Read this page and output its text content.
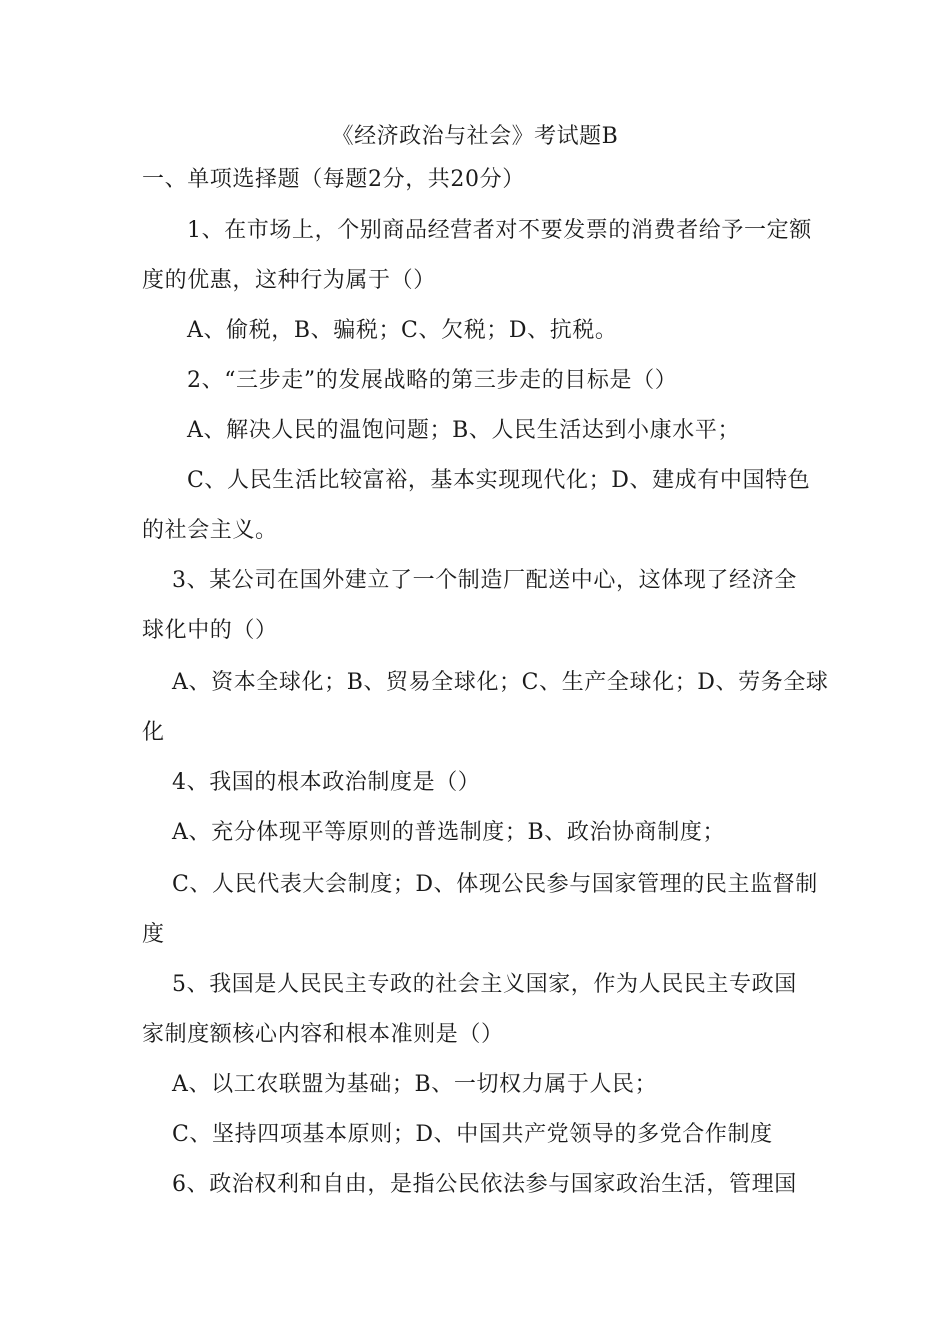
《经济政治与社会》考试题B
一、单项选择题（每题2分，共20分）
1、在市场上，个别商品经营者对不要发票的消费者给予一定额
度的优惠，这种行为属于（）
A、偷税，B、骗税；C、欠税；D、抗税。
2、“三步走”的发展战略的第三步走的目标是（）
A、解决人民的温饱问题；B、人民生活达到小康水平；
C、人民生活比较富裕，基本实现现代化；D、建成有中国特色
的社会主义。
3、某公司在国外建立了一个制造厂配送中心，这体现了经济全
球化中的（）
A、资本全球化；B、贸易全球化；C、生产全球化；D、劳务全球
化
4、我国的根本政治制度是（）
A、充分体现平等原则的普选制度；B、政治协商制度；
C、人民代表大会制度；D、体现公民参与国家管理的民主监督制
度
5、我国是人民民主专政的社会主义国家，作为人民民主专政国
家制度额核心内容和根本准则是（）
A、以工农联盟为基础；B、一切权力属于人民；
C、坚持四项基本原则；D、中国共产党领导的多党合作制度
6、政治权利和自由，是指公民依法参与国家政治生活，管理国
